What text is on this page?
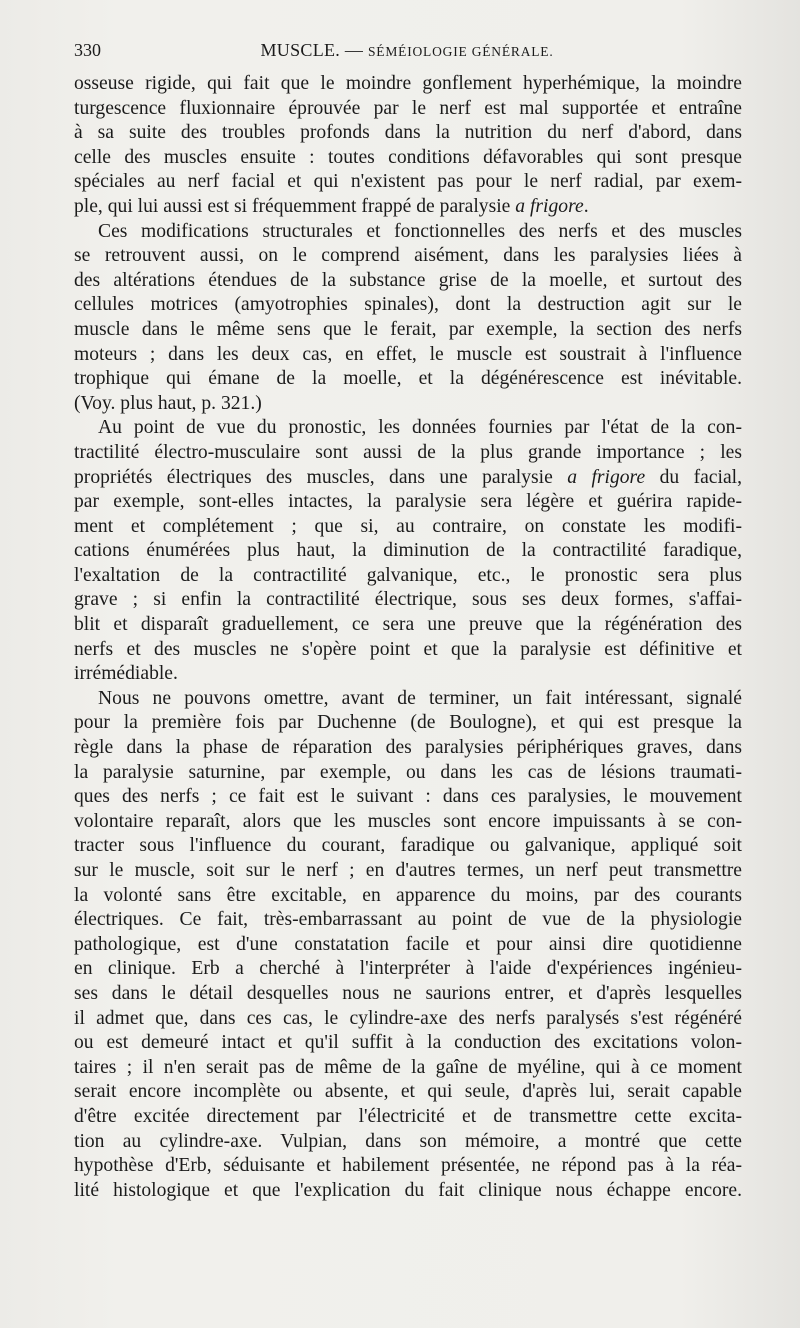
330	MUSCLE. — SÉMÉIOLOGIE GÉNÉRALE.
osseuse rigide, qui fait que le moindre gonflement hyperhémique, la moindre
turgescence fluxionnaire éprouvée par le nerf est mal supportée et entraîne
à sa suite des troubles profonds dans la nutrition du nerf d'abord, dans
celle des muscles ensuite : toutes conditions défavorables qui sont presque
spéciales au nerf facial et qui n'existent pas pour le nerf radial, par exem-
ple, qui lui aussi est si fréquemment frappé de paralysie a frigore.
Ces modifications structurales et fonctionnelles des nerfs et des muscles
se retrouvent aussi, on le comprend aisément, dans les paralysies liées à
des altérations étendues de la substance grise de la moelle, et surtout des
cellules motrices (amyotrophies spinales), dont la destruction agit sur le
muscle dans le même sens que le ferait, par exemple, la section des nerfs
moteurs ; dans les deux cas, en effet, le muscle est soustrait à l'influence
trophique qui émane de la moelle, et la dégénérescence est inévitable.
(Voy. plus haut, p. 321.)
Au point de vue du pronostic, les données fournies par l'état de la con-
tractilité électro-musculaire sont aussi de la plus grande importance ; les
propriétés électriques des muscles, dans une paralysie a frigore du facial,
par exemple, sont-elles intactes, la paralysie sera légère et guérira rapide-
ment et complétement ; que si, au contraire, on constate les modifi-
cations énumérées plus haut, la diminution de la contractilité faradique,
l'exaltation de la contractilité galvanique, etc., le pronostic sera plus
grave ; si enfin la contractilité électrique, sous ses deux formes, s'affai-
blit et disparaît graduellement, ce sera une preuve que la régénération des
nerfs et des muscles ne s'opère point et que la paralysie est définitive et
irrémédiable.
Nous ne pouvons omettre, avant de terminer, un fait intéressant, signalé
pour la première fois par Duchenne (de Boulogne), et qui est presque la
règle dans la phase de réparation des paralysies périphériques graves, dans
la paralysie saturnine, par exemple, ou dans les cas de lésions traumati-
ques des nerfs ; ce fait est le suivant : dans ces paralysies, le mouvement
volontaire reparaît, alors que les muscles sont encore impuissants à se con-
tracter sous l'influence du courant, faradique ou galvanique, appliqué soit
sur le muscle, soit sur le nerf ; en d'autres termes, un nerf peut transmettre
la volonté sans être excitable, en apparence du moins, par des courants
électriques. Ce fait, très-embarrassant au point de vue de la physiologie
pathologique, est d'une constatation facile et pour ainsi dire quotidienne
en clinique. Erb a cherché à l'interpréter à l'aide d'expériences ingénieu-
ses dans le détail desquelles nous ne saurions entrer, et d'après lesquelles
il admet que, dans ces cas, le cylindre-axe des nerfs paralysés s'est régénéré
ou est demeuré intact et qu'il suffit à la conduction des excitations volon-
taires ; il n'en serait pas de même de la gaîne de myéline, qui à ce moment
serait encore incomplète ou absente, et qui seule, d'après lui, serait capable
d'être excitée directement par l'électricité et de transmettre cette excita-
tion au cylindre-axe. Vulpian, dans son mémoire, a montré que cette
hypothèse d'Erb, séduisante et habilement présentée, ne répond pas à la réa-
lité histologique et que l'explication du fait clinique nous échappe encore.
